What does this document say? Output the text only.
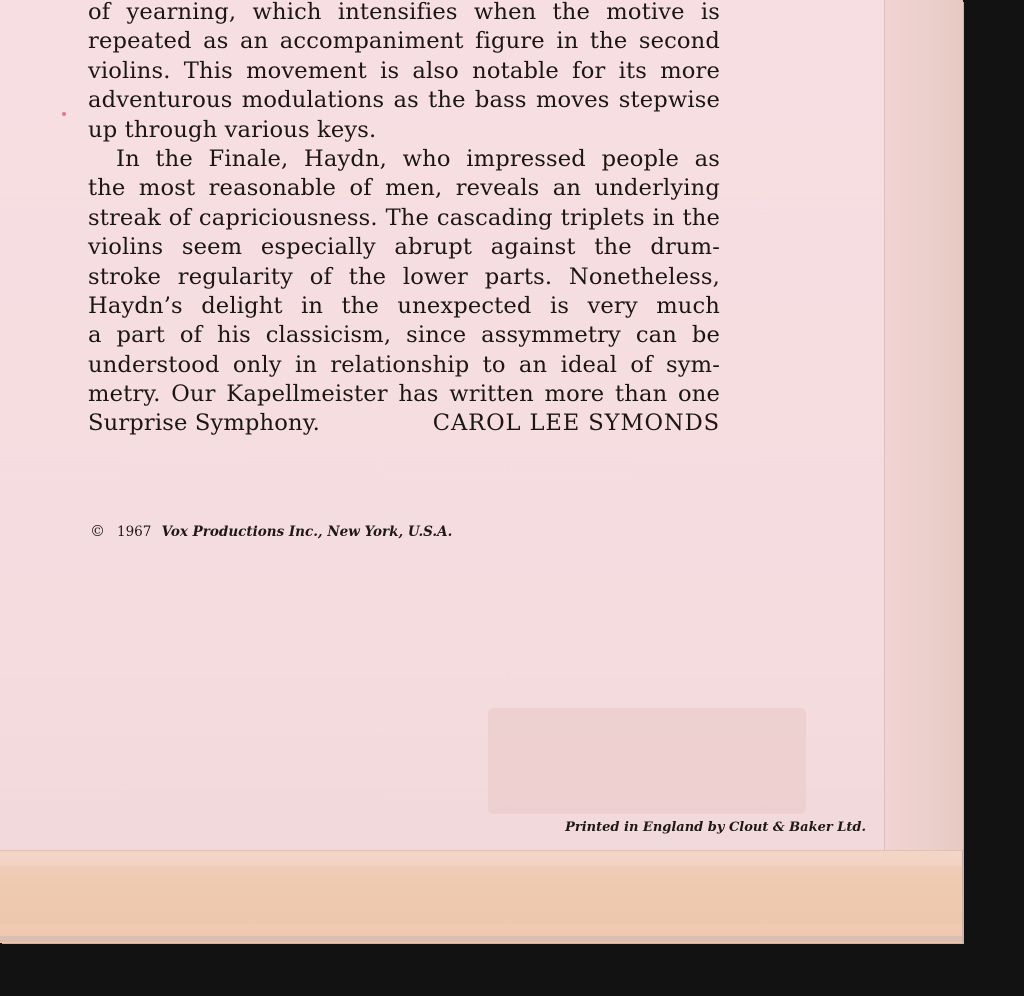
of yearning, which intensifies when the motive is
repeated as an accompaniment figure in the second
violins. This movement is also notable for its more
adventurous modulations as the bass moves stepwise
up through various keys.
In the Finale, Haydn, who impressed people as
the most reasonable of men, reveals an underlying
streak of capriciousness. The cascading triplets in the
violins seem especially abrupt against the drum-
stroke regularity of the lower parts. Nonetheless,
Haydn’s delight in the unexpected is very much
a part of his classicism, since assymmetry can be
understood only in relationship to an ideal of sym-
metry. Our Kapellmeister has written more than one
Surprise Symphony.	CAROL LEE SYMONDS
© 1967 Vox Productions Inc., New York, U.S.A.
Printed in England by Clout & Baker Ltd.
